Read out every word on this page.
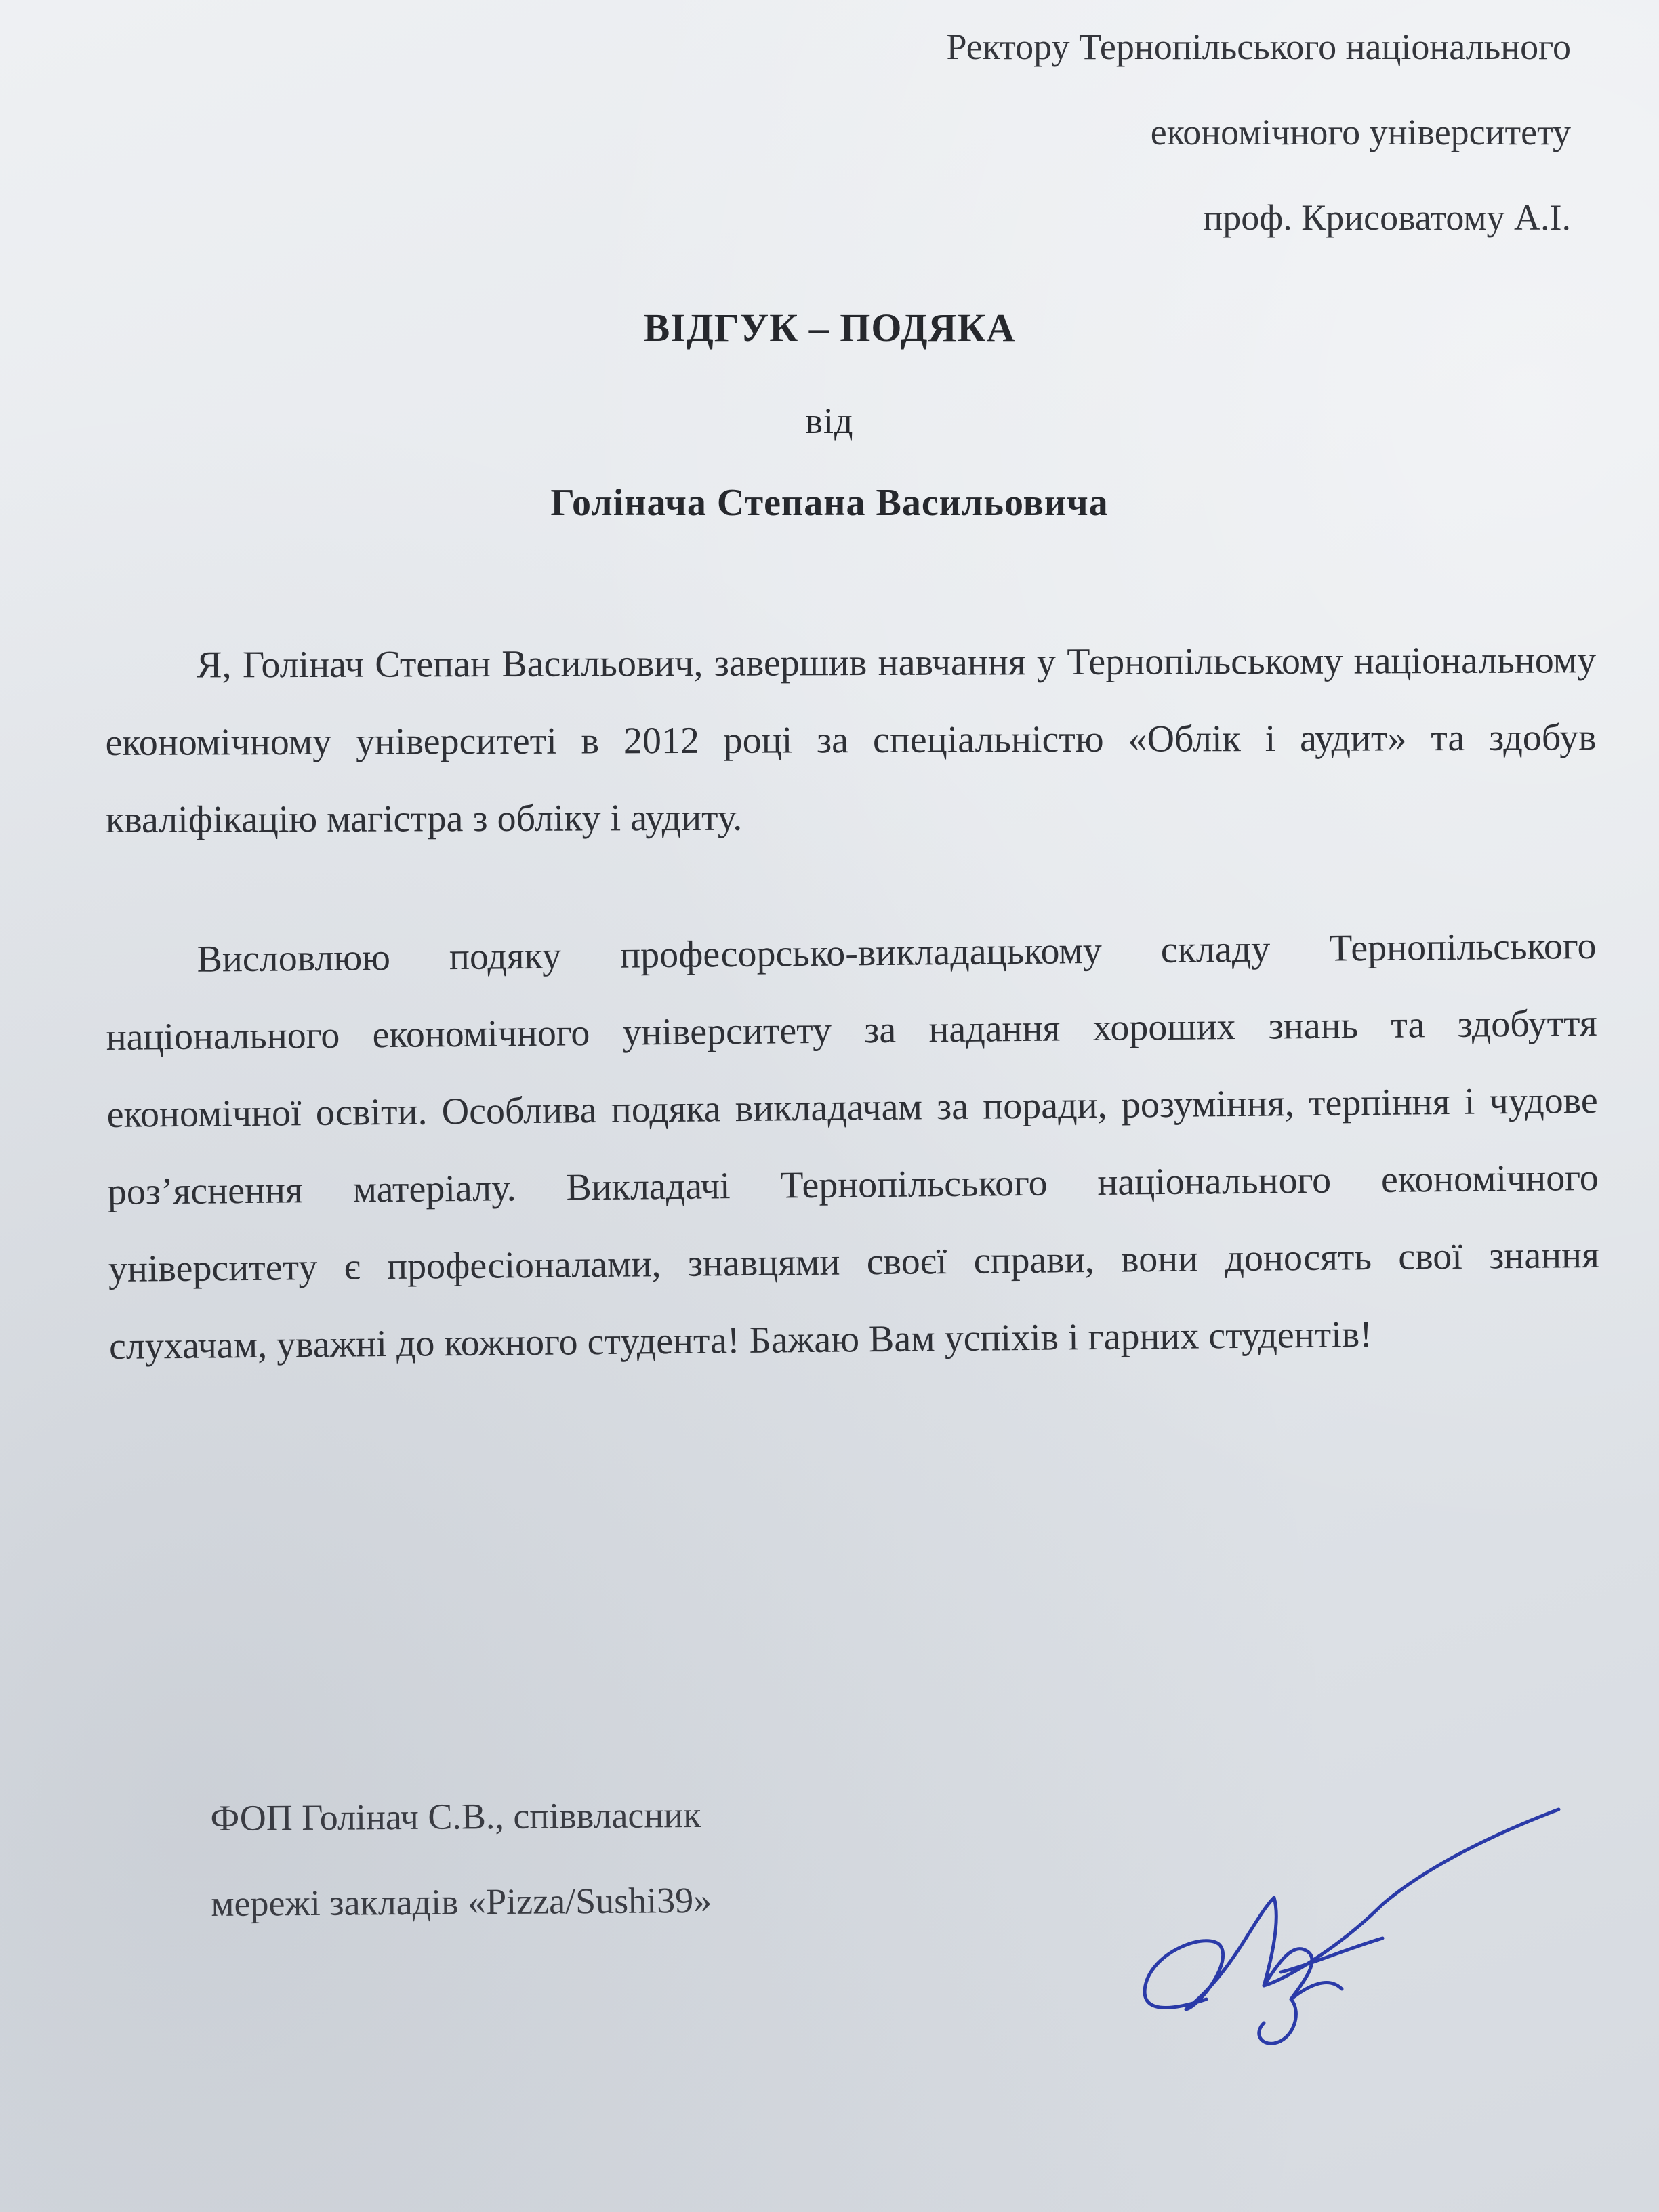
Ректору Тернопільського національного
економічного університету
проф. Крисоватому А.І.
ВІДГУК – ПОДЯКА
від
Голінача Степана Васильовича

Я, Голінач Степан Васильович, завершив навчання у Тернопільському національному економічному університеті в 2012 році за спеціальністю «Облік і аудит» та здобув кваліфікацію магістра з обліку і аудиту.

Висловлюю подяку професорсько-викладацькому складу Тернопільського національного економічного університету за надання хороших знань та здобуття економічної освіти. Особлива подяка викладачам за поради, розуміння, терпіння і чудове роз’яснення матеріалу. Викладачі Тернопільського національного економічного університету є професіоналами, знавцями своєї справи, вони доносять свої знання слухачам, уважні до кожного студента! Бажаю Вам успіхів і гарних студентів!

ФОП Голінач С.В., співвласник
мережі закладів «Pizza/Sushi39»
